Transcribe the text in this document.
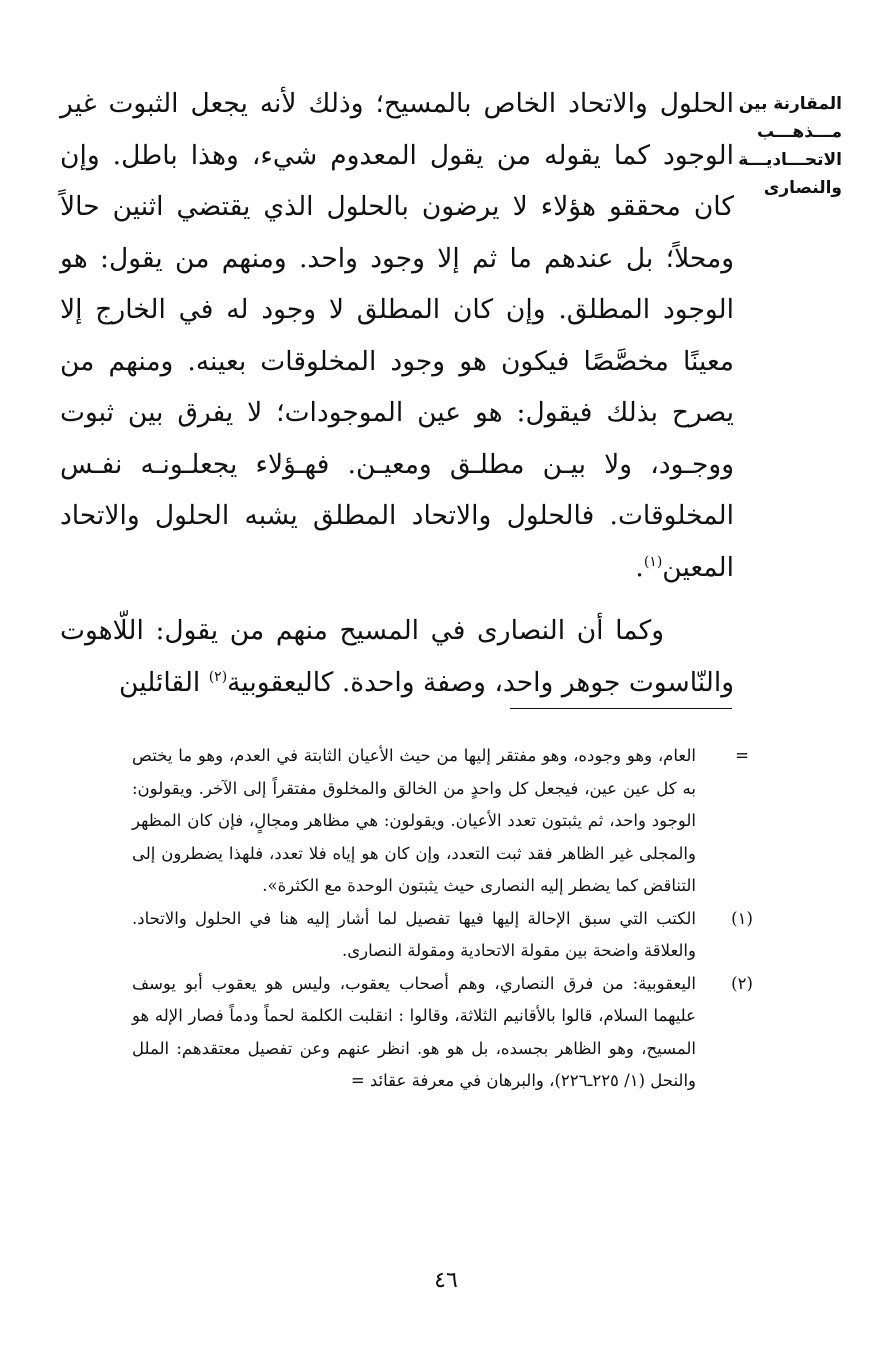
المقارنة بين
مـــذهـــب
الاتحـــاديـــة
والنصارى

الحلول والاتحاد الخاص بالمسيح؛ وذلك لأنه يجعل الثبوت غير الوجود كما يقوله من يقول المعدوم شيء، وهذا باطل. وإن كان محققو هؤلاء لا يرضون بالحلول الذي يقتضي اثنين حالاً ومحلاً؛ بل عندهم ما ثم إلا وجود واحد. ومنهم من يقول: هو الوجود المطلق. وإن كان المطلق لا وجود له في الخارج إلا معينًا مخصَّصًا فيكون هو وجود المخلوقات بعينه. ومنهم من يصرح بذلك فيقول: هو عين الموجودات؛ لا يفرق بين ثبوت ووجـود، ولا بيـن مطلـق ومعيـن. فهـؤلاء يجعلـونـه نفـس المخلوقات. فالحلول والاتحاد المطلق يشبه الحلول والاتحاد المعين$^{(١)}$.

وكما أن النصارى في المسيح منهم من يقول: اللّاهوت والنّاسوت جوهر واحد، وصفة واحدة. كاليعقوبية$^{(٢)}$ القائلين

=
العام، وهو وجوده، وهو مفتقر إليها من حيث الأعيان الثابتة في العدم، وهو ما يختص به كل عين عين، فيجعل كل واحدٍ من الخالق والمخلوق مفتقراً إلى الآخر. ويقولون: الوجود واحد، ثم يثبتون تعدد الأعيان. ويقولون: هي مظاهر ومجالٍ، فإن كان المظهر والمجلى غير الظاهر فقد ثبت التعدد، وإن كان هو إياه فلا تعدد، فلهذا يضطرون إلى التناقض كما يضطر إليه النصارى حيث يثبتون الوحدة مع الكثرة».
(١)
الكتب التي سبق الإحالة إليها فيها تفصيل لما أشار إليه هنا في الحلول والاتحاد. والعلاقة واضحة بين مقولة الاتحادية ومقولة النصارى.
(٢)
اليعقوبية: من فرق النصاري، وهم أصحاب يعقوب، وليس هو يعقوب أبو يوسف عليهما السلام، قالوا بالأقانيم الثلاثة، وقالوا : انقلبت الكلمة لحماً ودماً فصار الإله هو المسيح، وهو الظاهر بجسده، بل هو هو. انظر عنهم وعن تفصيل معتقدهم: الملل والنحل (١/ ٢٢٥ـ٢٢٦)، والبرهان في معرفة عقائد =
٤٦
